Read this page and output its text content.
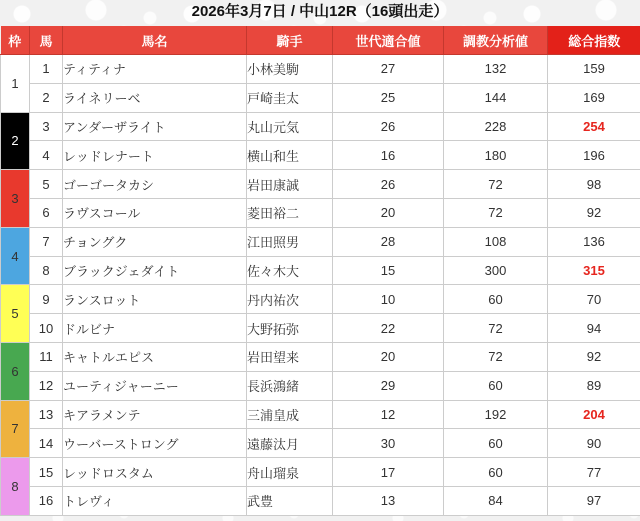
2026年3月7日 / 中山12R（16頭出走）
枠	馬	馬名	騎手	世代適合値	調教分析値	総合指数
1	1	ティティナ	小林美駒	27	132	159
	2	ライネリーベ	戸崎圭太	25	144	169
2	3	アンダーザライト	丸山元気	26	228	254
	4	レッドレナート	横山和生	16	180	196
3	5	ゴーゴータカシ	岩田康誠	26	72	98
	6	ラヴスコール	菱田裕二	20	72	92
4	7	チョングク	江田照男	28	108	136
	8	ブラックジェダイト	佐々木大	15	300	315
5	9	ランスロット	丹内祐次	10	60	70
	10	ドルビナ	大野拓弥	22	72	94
6	11	キャトルエピス	岩田望来	20	72	92
	12	ユーティジャーニー	長浜鴻緒	29	60	89
7	13	キアラメンテ	三浦皇成	12	192	204
	14	ウーバーストロング	遠藤汰月	30	60	90
8	15	レッドロスタム	舟山瑠泉	17	60	77
	16	トレヴィ	武豊	13	84	97
